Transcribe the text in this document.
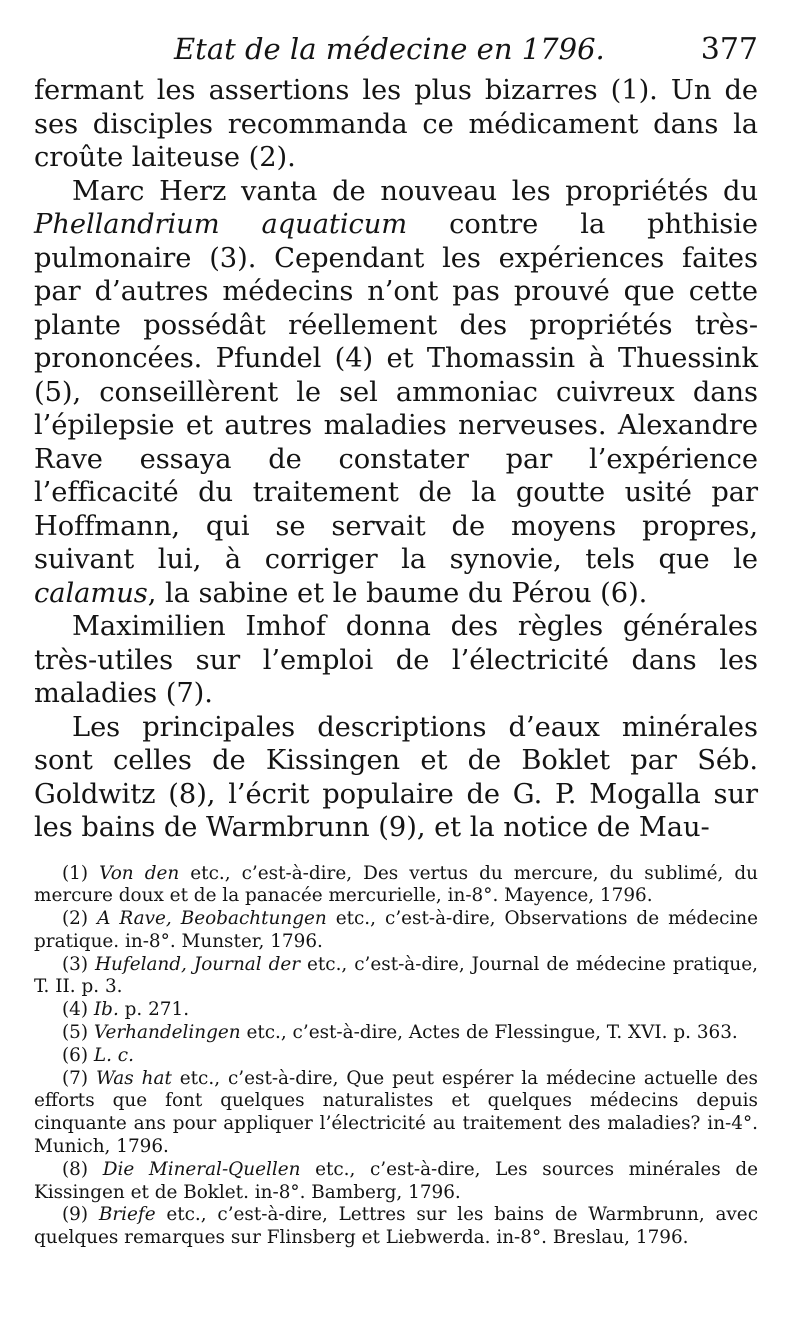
Etat de la médecine en 1796.	377

fermant les assertions les plus bizarres (1). Un de ses disciples recommanda ce médicament dans la croûte laiteuse (2).

Marc Herz vanta de nouveau les propriétés du Phellandrium aquaticum contre la phthisie pulmonaire (3). Cependant les expériences faites par d’autres médecins n’ont pas prouvé que cette plante possédât réellement des propriétés très-prononcées. Pfundel (4) et Thomassin à Thuessink (5), conseillèrent le sel ammoniac cuivreux dans l’épilepsie et autres maladies nerveuses. Alexandre Rave essaya de constater par l’expérience l’efficacité du traitement de la goutte usité par Hoffmann, qui se servait de moyens propres, suivant lui, à corriger la synovie, tels que le calamus, la sabine et le baume du Pérou (6).

Maximilien Imhof donna des règles générales très-utiles sur l’emploi de l’électricité dans les maladies (7).

Les principales descriptions d’eaux minérales sont celles de Kissingen et de Boklet par Séb. Goldwitz (8), l’écrit populaire de G. P. Mogalla sur les bains de Warmbrunn (9), et la notice de Mau-

(1) Von den etc., c’est-à-dire, Des vertus du mercure, du sublimé, du mercure doux et de la panacée mercurielle, in-8°. Mayence, 1796.

(2) A Rave, Beobachtungen etc., c’est-à-dire, Observations de médecine pratique. in-8°. Munster, 1796.

(3) Hufeland, Journal der etc., c’est-à-dire, Journal de médecine pratique, T. II. p. 3.

(4) Ib. p. 271.

(5) Verhandelingen etc., c’est-à-dire, Actes de Flessingue, T. XVI. p. 363.

(6) L. c.

(7) Was hat etc., c’est-à-dire, Que peut espérer la médecine actuelle des efforts que font quelques naturalistes et quelques médecins depuis cinquante ans pour appliquer l’électricité au traitement des maladies? in-4°. Munich, 1796.

(8) Die Mineral-Quellen etc., c’est-à-dire, Les sources minérales de Kissingen et de Boklet. in-8°. Bamberg, 1796.

(9) Briefe etc., c’est-à-dire, Lettres sur les bains de Warmbrunn, avec quelques remarques sur Flinsberg et Liebwerda. in-8°. Breslau, 1796.
